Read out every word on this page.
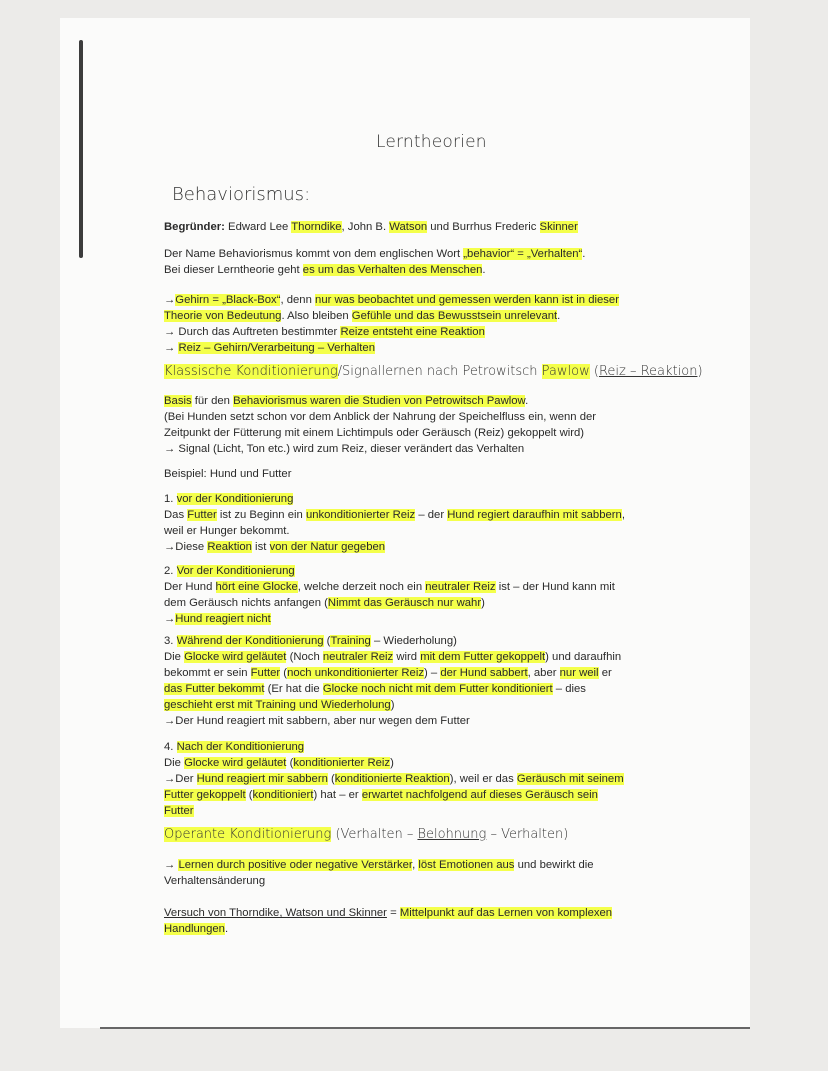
Lerntheorien
Behaviorismus:

Begründer: Edward Lee Thorndike, John B. Watson und Burrhus Frederic Skinner

Der Name Behaviorismus kommt von dem englischen Wort „behavior“ = „Verhalten“.

Bei dieser Lerntheorie geht es um das Verhalten des Menschen.

→Gehirn = „Black-Box“, denn nur was beobachtet und gemessen werden kann ist in dieser

Theorie von Bedeutung. Also bleiben Gefühle und das Bewusstsein unrelevant.

→ Durch das Auftreten bestimmter Reize entsteht eine Reaktion

→ Reiz – Gehirn/Verarbeitung – Verhalten

Klassische Konditionierung/Signallernen nach Petrowitsch Pawlow (Reiz – Reaktion)

Basis für den Behaviorismus waren die Studien von Petrowitsch Pawlow.

(Bei Hunden setzt schon vor dem Anblick der Nahrung der Speichelfluss ein, wenn der

Zeitpunkt der Fütterung mit einem Lichtimpuls oder Geräusch (Reiz) gekoppelt wird)

→ Signal (Licht, Ton etc.) wird zum Reiz, dieser verändert das Verhalten

Beispiel: Hund und Futter

1. vor der Konditionierung

Das Futter ist zu Beginn ein unkonditionierter Reiz – der Hund regiert daraufhin mit sabbern,

weil er Hunger bekommt.

→Diese Reaktion ist von der Natur gegeben

2. Vor der Konditionierung

Der Hund hört eine Glocke, welche derzeit noch ein neutraler Reiz ist – der Hund kann mit

dem Geräusch nichts anfangen (Nimmt das Geräusch nur wahr)

→Hund reagiert nicht

3. Während der Konditionierung (Training – Wiederholung)

Die Glocke wird geläutet (Noch neutraler Reiz wird mit dem Futter gekoppelt) und daraufhin

bekommt er sein Futter (noch unkonditionierter Reiz) – der Hund sabbert, aber nur weil er

das Futter bekommt (Er hat die Glocke noch nicht mit dem Futter konditioniert – dies

geschieht erst mit Training und Wiederholung)

→Der Hund reagiert mit sabbern, aber nur wegen dem Futter

4. Nach der Konditionierung

Die Glocke wird geläutet (konditionierter Reiz)

→Der Hund reagiert mir sabbern (konditionierte Reaktion), weil er das Geräusch mit seinem

Futter gekoppelt (konditioniert) hat – er erwartet nachfolgend auf dieses Geräusch sein

Futter

Operante Konditionierung (Verhalten – Belohnung – Verhalten)

→ Lernen durch positive oder negative Verstärker, löst Emotionen aus und bewirkt die

Verhaltensänderung

Versuch von Thorndike, Watson und Skinner = Mittelpunkt auf das Lernen von komplexen

Handlungen.
